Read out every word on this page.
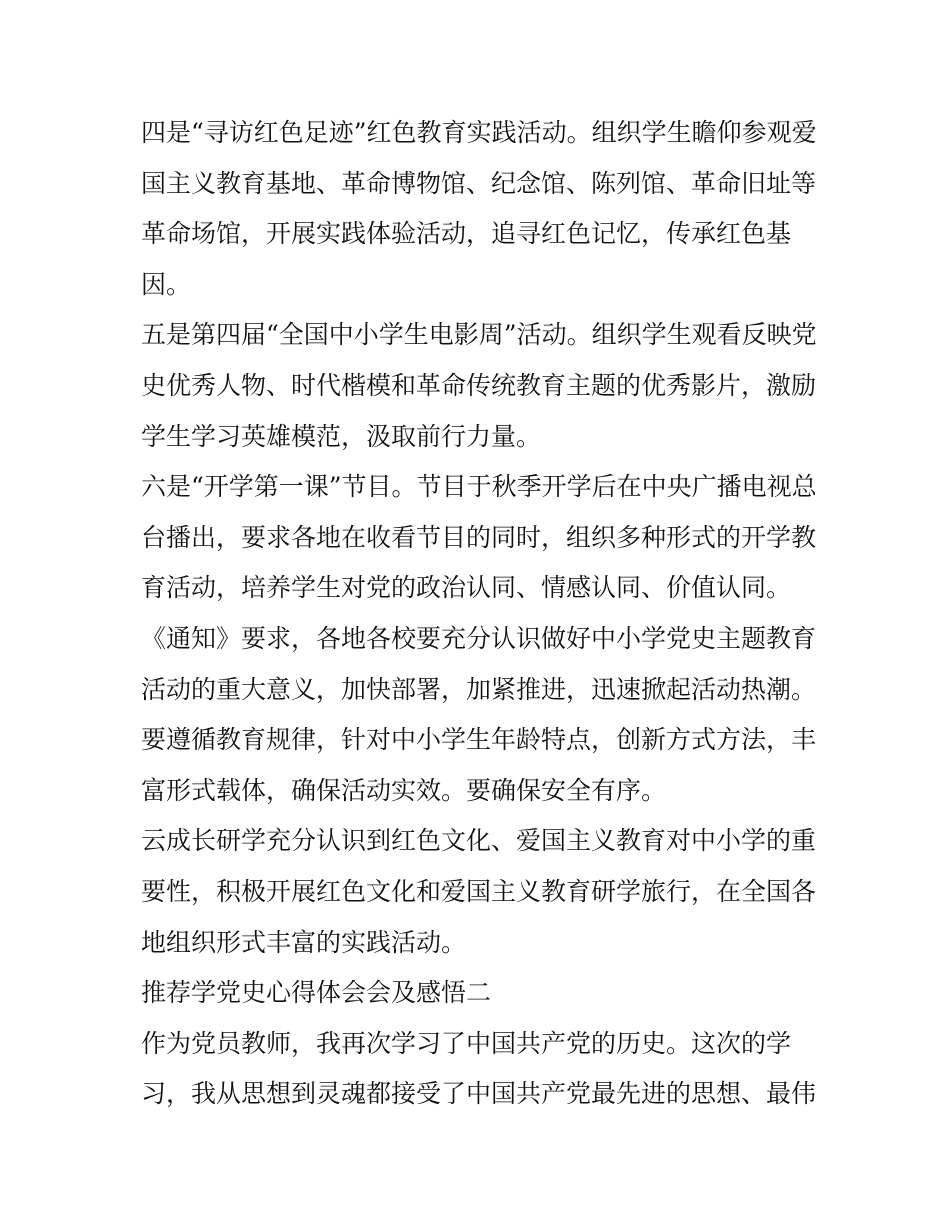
四是“寻访红色足迹”红色教育实践活动。组织学生瞻仰参观爱
国主义教育基地、革命博物馆、纪念馆、陈列馆、革命旧址等
革命场馆，开展实践体验活动，追寻红色记忆，传承红色基
因。
五是第四届“全国中小学生电影周”活动。组织学生观看反映党
史优秀人物、时代楷模和革命传统教育主题的优秀影片，激励
学生学习英雄模范，汲取前行力量。
六是“开学第一课”节目。节目于秋季开学后在中央广播电视总
台播出，要求各地在收看节目的同时，组织多种形式的开学教
育活动，培养学生对党的政治认同、情感认同、价值认同。
《通知》要求，各地各校要充分认识做好中小学党史主题教育
活动的重大意义，加快部署，加紧推进，迅速掀起活动热潮。
要遵循教育规律，针对中小学生年龄特点，创新方式方法，丰
富形式载体，确保活动实效。要确保安全有序。
云成长研学充分认识到红色文化、爱国主义教育对中小学的重
要性，积极开展红色文化和爱国主义教育研学旅行，在全国各
地组织形式丰富的实践活动。
推荐学党史心得体会会及感悟二
作为党员教师，我再次学习了中国共产党的历史。这次的学
习，我从思想到灵魂都接受了中国共产党最先进的思想、最伟
